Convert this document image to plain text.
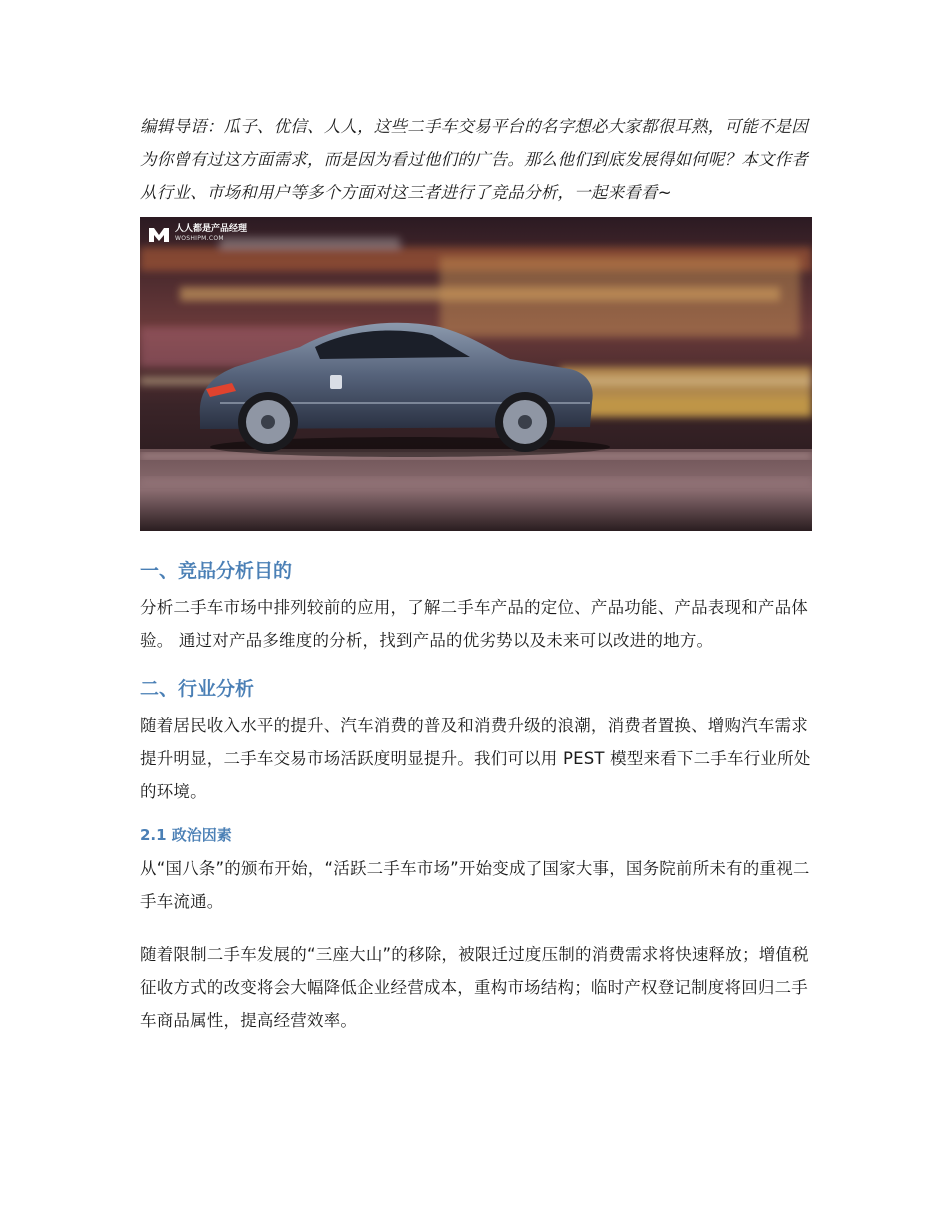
编辑导语：瓜子、优信、人人，这些二手车交易平台的名字想必大家都很耳熟，可能不是因为你曾有过这方面需求，而是因为看过他们的广告。那么他们到底发展得如何呢？本文作者从行业、市场和用户等多个方面对这三者进行了竞品分析，一起来看看~

人人都是产品经理
WOSHIPM.COM
一、竞品分析目的

分析二手车市场中排列较前的应用，了解二手车产品的定位、产品功能、产品表现和产品体验。 通过对产品多维度的分析，找到产品的优劣势以及未来可以改进的地方。

二、行业分析

随着居民收入水平的提升、汽车消费的普及和消费升级的浪潮，消费者置换、增购汽车需求提升明显，二手车交易市场活跃度明显提升。我们可以用 PEST 模型来看下二手车行业所处的环境。

2.1 政治因素

从“国八条”的颁布开始，“活跃二手车市场”开始变成了国家大事，国务院前所未有的重视二手车流通。

随着限制二手车发展的“三座大山”的移除，被限迁过度压制的消费需求将快速释放；增值税征收方式的改变将会大幅降低企业经营成本，重构市场结构；临时产权登记制度将回归二手车商品属性，提高经营效率。
